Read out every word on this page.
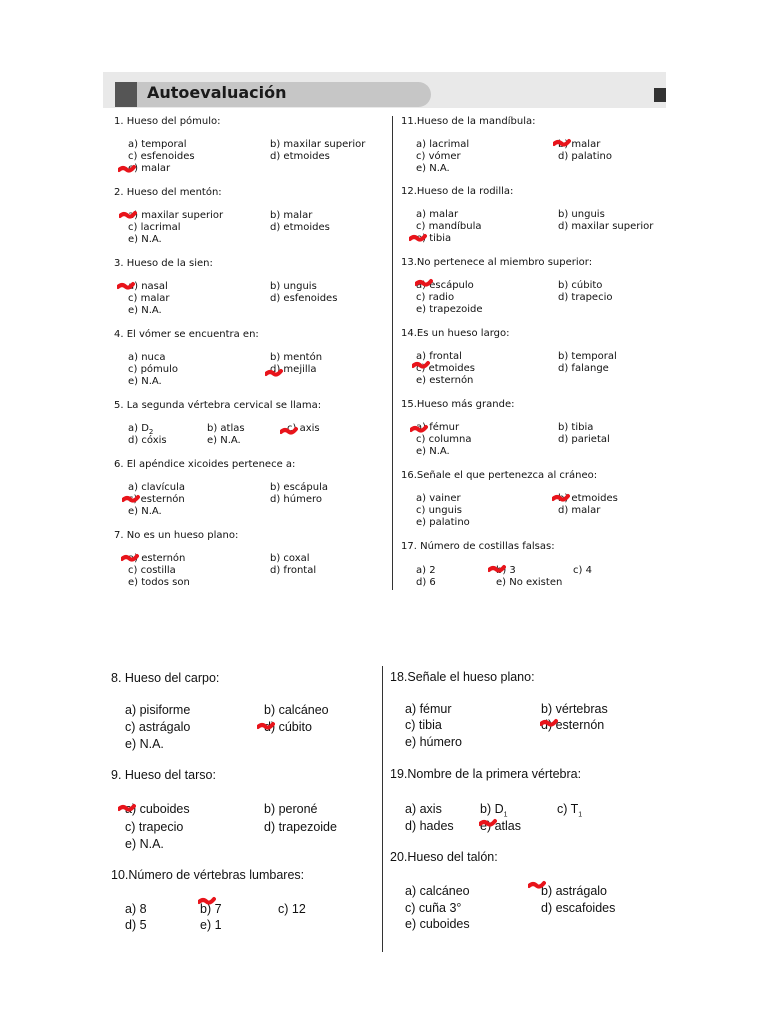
Autoevaluación
1. Hueso del pómulo:
a) temporal	b) maxilar superior
c) esfenoides	d) etmoides
e) malar
2. Hueso del mentón:
a) maxilar superior	b) malar
c) lacrimal	d) etmoides
e) N.A.
3. Hueso de la sien:
a) nasal	b) unguis
c) malar	d) esfenoides
e) N.A.
4. El vómer se encuentra en:
a) nuca	b) mentón
c) pómulo	d) mejilla
e) N.A.
5. La segunda vértebra cervical se llama:
a) $D_2$	b) atlas	c) axis
d) cóxis	e) N.A.
6. El apéndice xicoides pertenece a:
a) clavícula	b) escápula
c) esternón	d) húmero
e) N.A.
7. No es un hueso plano:
a) esternón	b) coxal
c) costilla	d) frontal
e) todos son
11.Hueso de la mandíbula:
a) lacrimal	b) malar
c) vómer	d) palatino
e) N.A.
12.Hueso de la rodilla:
a) malar	b) unguis
c) mandíbula	d) maxilar superior
e) tibia
13.No pertenece al miembro superior:
a) escápulo	b) cúbito
c) radio	d) trapecio
e) trapezoide
14.Es un hueso largo:
a) frontal	b) temporal
c) etmoides	d) falange
e) esternón
15.Hueso más grande:
a) fémur	b) tibia
c) columna	d) parietal
e) N.A.
16.Señale el que pertenezca al cráneo:
a) vainer	b) etmoides
c) unguis	d) malar
e) palatino
17. Número de costillas falsas:
a) 2	b) 3	c) 4
d) 6	e) No existen
8. Hueso del carpo:
a) pisiforme	b) calcáneo
c) astrágalo	d) cúbito
e) N.A.
9. Hueso del tarso:
a) cuboides	b) peroné
c) trapecio	d) trapezoide
e) N.A.
10.Número de vértebras lumbares:
a) 8	b) 7	c) 12
d) 5	e) 1
18.Señale el hueso plano:
a) fémur	b) vértebras
c) tibia	d) esternón
e) húmero
19.Nombre de la primera vértebra:
a) axis	b) $D_1$	c) $T_1$
d) hades e) atlas
20.Hueso del talón:
a) calcáneo	b) astrágalo
c) cuña 3°	d) escafoides
e) cuboides
